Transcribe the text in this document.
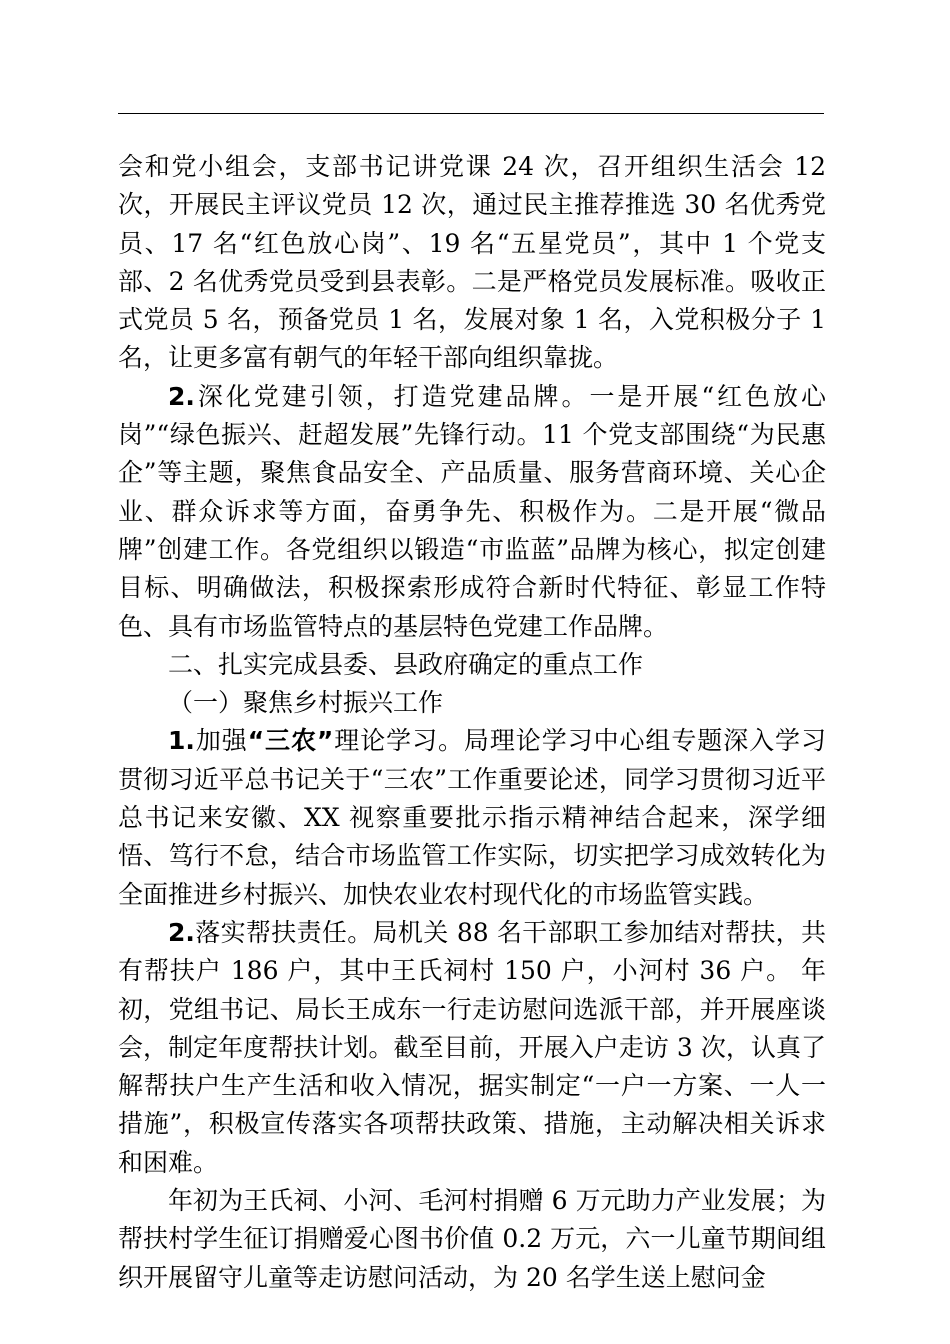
会和党小组会，支部书记讲党课 24 次，召开组织生活会 12 次，开展民主评议党员 12 次，通过民主推荐推选 30 名优秀党员、17 名“红色放心岗”、19 名“五星党员”，其中 1 个党支部、2 名优秀党员受到县表彰。二是严格党员发展标准。吸收正式党员 5 名，预备党员 1 名，发展对象 1 名，入党积极分子 1 名，让更多富有朝气的年轻干部向组织靠拢。

2.深化党建引领，打造党建品牌。一是开展“红色放心岗”“绿色振兴、赶超发展”先锋行动。11 个党支部围绕“为民惠企”等主题，聚焦食品安全、产品质量、服务营商环境、关心企业、群众诉求等方面，奋勇争先、积极作为。二是开展“微品牌”创建工作。各党组织以锻造“市监蓝”品牌为核心，拟定创建目标、明确做法，积极探索形成符合新时代特征、彰显工作特色、具有市场监管特点的基层特色党建工作品牌。

二、扎实完成县委、县政府确定的重点工作

（一）聚焦乡村振兴工作

1.加强“三农”理论学习。局理论学习中心组专题深入学习贯彻习近平总书记关于“三农”工作重要论述，同学习贯彻习近平总书记来安徽、XX 视察重要批示指示精神结合起来，深学细悟、笃行不怠，结合市场监管工作实际，切实把学习成效转化为全面推进乡村振兴、加快农业农村现代化的市场监管实践。

2.落实帮扶责任。局机关 88 名干部职工参加结对帮扶，共有帮扶户 186 户，其中王氏祠村 150 户，小河村 36 户。 年初，党组书记、局长王成东一行走访慰问选派干部，并开展座谈会，制定年度帮扶计划。截至目前，开展入户走访 3 次，认真了解帮扶户生产生活和收入情况，据实制定“一户一方案、一人一措施”，积极宣传落实各项帮扶政策、措施，主动解决相关诉求和困难。

年初为王氏祠、小河、毛河村捐赠 6 万元助力产业发展；为帮扶村学生征订捐赠爱心图书价值 0.2 万元，六一儿童节期间组织开展留守儿童等走访慰问活动，为 20 名学生送上慰问金
